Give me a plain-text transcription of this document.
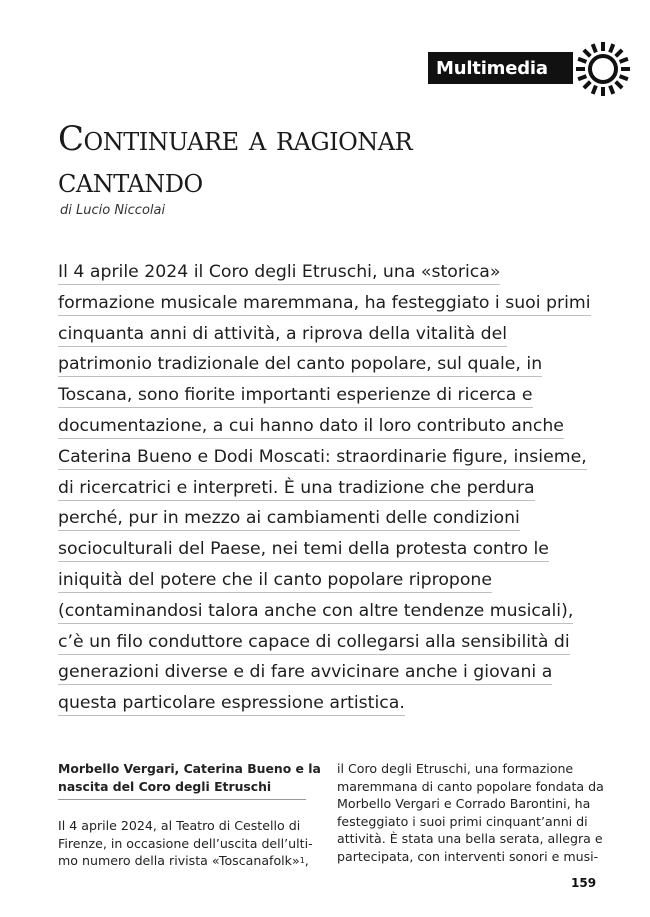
Multimedia
Continuare a ragionar
cantando
di Lucio Niccolai
Il 4 aprile 2024 il Coro degli Etruschi, una «storica»
formazione musicale maremmana, ha festeggiato i suoi primi
cinquanta anni di attività, a riprova della vitalità del
patrimonio tradizionale del canto popolare, sul quale, in
Toscana, sono fiorite importanti esperienze di ricerca e
documentazione, a cui hanno dato il loro contributo anche
Caterina Bueno e Dodi Moscati: straordinarie figure, insieme,
di ricercatrici e interpreti. È una tradizione che perdura
perché, pur in mezzo ai cambiamenti delle condizioni
socioculturali del Paese, nei temi della protesta contro le
iniquità del potere che il canto popolare ripropone
(contaminandosi talora anche con altre tendenze musicali),
c’è un filo conduttore capace di collegarsi alla sensibilità di
generazioni diverse e di fare avvicinare anche i giovani a
questa particolare espressione artistica.
Morbello Vergari, Caterina Bueno e la
nascita del Coro degli Etruschi
Il 4 aprile 2024, al Teatro di Cestello di
Firenze, in occasione dell’uscita dell’ulti-
mo numero della rivista «Toscanafolk» 1 ,
il Coro degli Etruschi, una formazione
maremmana di canto popolare fondata da
Morbello Vergari e Corrado Barontini, ha
festeggiato i suoi primi cinquant’anni di
attività. È stata una bella serata, allegra e
partecipata, con interventi sonori e musi-
159
